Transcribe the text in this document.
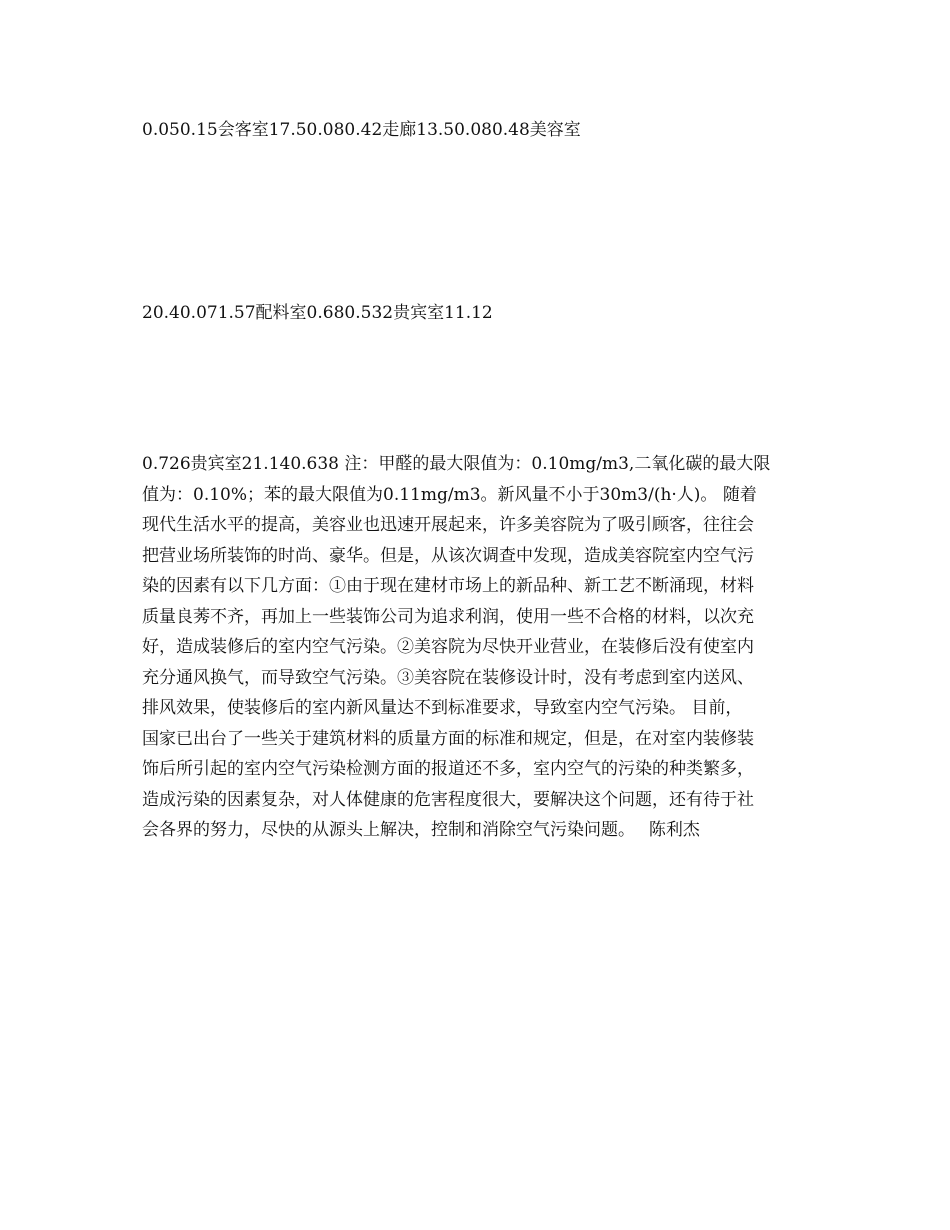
0.050.15会客室17.50.080.42走廊13.50.080.48美容室
20.40.071.57配料室0.680.532贵宾室11.12

0.726贵宾室21.140.638 注：甲醛的最大限值为：0.10mg/m3,二氧化碳的最大限
值为：0.10%；苯的最大限值为0.11mg/m3。新风量不小于30m3/(h·人)。 随着
现代生活水平的提高，美容业也迅速开展起来，许多美容院为了吸引顾客，往往会
把营业场所装饰的时尚、豪华。但是，从该次调查中发现，造成美容院室内空气污
染的因素有以下几方面：①由于现在建材市场上的新品种、新工艺不断涌现，材料
质量良莠不齐，再加上一些装饰公司为追求利润，使用一些不合格的材料，以次充
好，造成装修后的室内空气污染。②美容院为尽快开业营业，在装修后没有使室内
充分通风换气，而导致空气污染。③美容院在装修设计时，没有考虑到室内送风、
排风效果，使装修后的室内新风量达不到标准要求，导致室内空气污染。 目前，
国家已出台了一些关于建筑材料的质量方面的标准和规定，但是，在对室内装修装
饰后所引起的室内空气污染检测方面的报道还不多，室内空气的污染的种类繁多，
造成污染的因素复杂，对人体健康的危害程度很大，要解决这个问题，还有待于社
会各界的努力，尽快的从源头上解决，控制和消除空气污染问题。　 陈利杰
